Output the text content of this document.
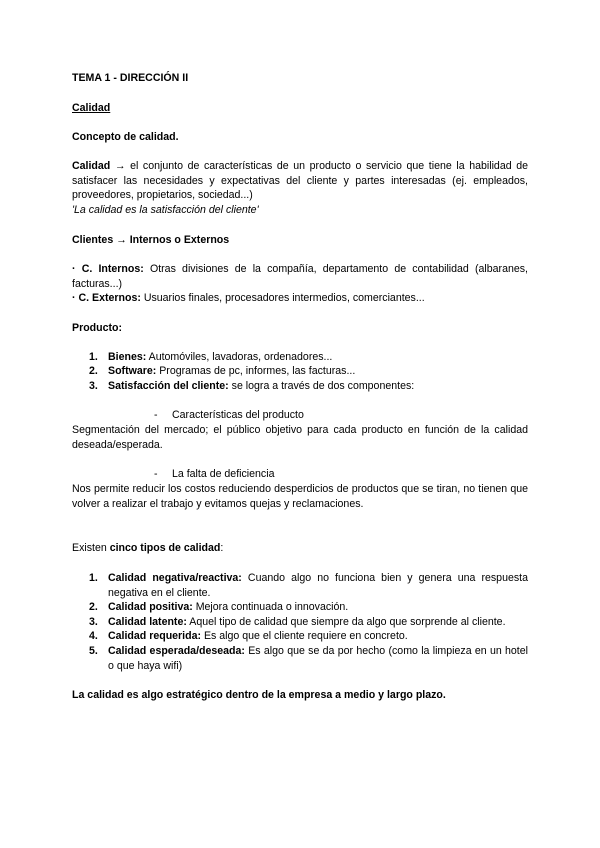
TEMA 1 - DIRECCIÓN II

Calidad

Concepto de calidad.

Calidad → el conjunto de características de un producto o servicio que tiene la habilidad de satisfacer las necesidades y expectativas del cliente y partes interesadas (ej. empleados, proveedores, propietarios, sociedad...)

'La calidad es la satisfacción del cliente'

Clientes → Internos o Externos

· C. Internos: Otras divisiones de la compañía, departamento de contabilidad (albaranes, facturas...)

· C. Externos: Usuarios finales, procesadores intermedios, comerciantes...

Producto:

1. Bienes: Automóviles, lavadoras, ordenadores...
2. Software: Programas de pc, informes, las facturas...
3. Satisfacción del cliente: se logra a través de dos componentes:
- Características del producto

Segmentación del mercado; el público objetivo para cada producto en función de la calidad deseada/esperada.

- La falta de deficiencia

Nos permite reducir los costos reduciendo desperdicios de productos que se tiran, no tienen que volver a realizar el trabajo y evitamos quejas y reclamaciones.

Existen cinco tipos de calidad:

1. Calidad negativa/reactiva: Cuando algo no funciona bien y genera una respuesta negativa en el cliente.
2. Calidad positiva: Mejora continuada o innovación.
3. Calidad latente: Aquel tipo de calidad que siempre da algo que sorprende al cliente.
4. Calidad requerida: Es algo que el cliente requiere en concreto.
5. Calidad esperada/deseada: Es algo que se da por hecho (como la limpieza en un hotel o que haya wifi)

La calidad es algo estratégico dentro de la empresa a medio y largo plazo.
